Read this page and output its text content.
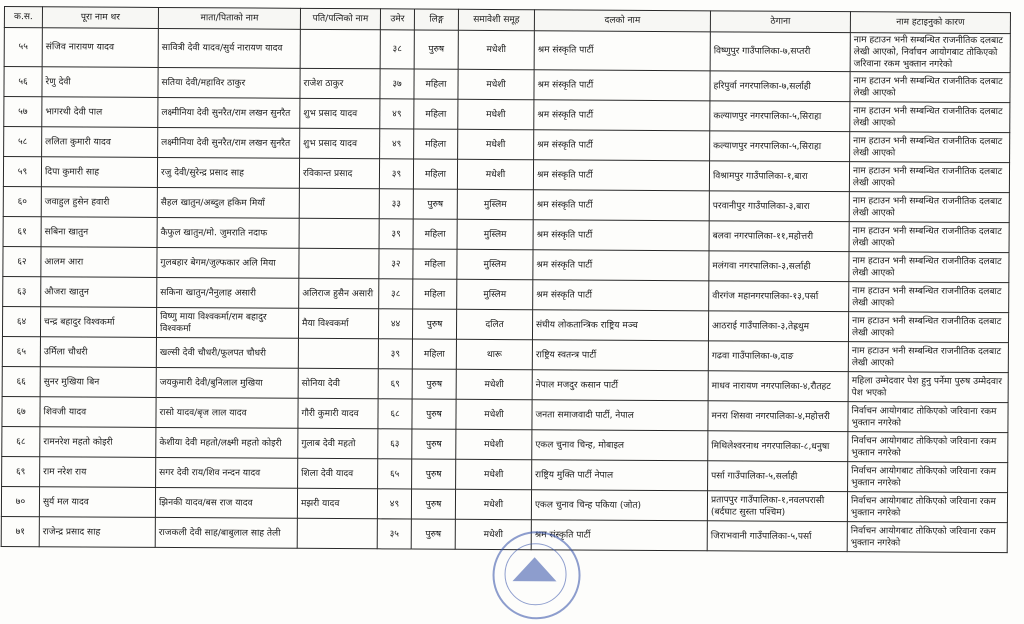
क.स.	पूरा नाम थर	माता/पिताको नाम	पति/पत्निको नाम	उमेर	लिङ्ग	समावेशी समूह	दलको नाम	ठेगाना	नाम हटाइनुको कारण
५५	संजिव नारायण यादव	सावित्री देवी यादव/सुर्य नारायण यादव		३८	पुरुष	मधेशी	श्रम संस्कृति पार्टी	विष्णुपुर गाउँपालिका-७,सप्तरी	नाम हटाउन भनी सम्बन्धित राजनीतिक दलबाट लेखी आएको, निर्वाचन आयोगबाट तोकिएको जरिवाना रकम भुक्तान नगरेको
५६	रेणु देवी	सतिया देवी/महाविर ठाकुर	राजेश ठाकुर	३७	महिला	मधेशी	श्रम संस्कृति पार्टी	हरिपुर्वा नगरपालिका-७,सर्लाही	नाम हटाउन भनी सम्बन्धित राजनीतिक दलबाट लेखी आएको
५७	भागरथी देवी पाल	लक्ष्मीनिया देवी सुनरैत/राम लखन सुनरैत	शुभ प्रसाद यादव	४९	महिला	मधेशी	श्रम संस्कृति पार्टी	कल्याणपुर नगरपालिका-५,सिराहा	नाम हटाउन भनी सम्बन्धित राजनीतिक दलबाट लेखी आएको
५८	ललिता कुमारी यादव	लक्ष्मीनिया देवी सुनरैत/राम लखन सुनरैत	शुभ प्रसाद यादव	४९	महिला	मधेशी	श्रम संस्कृति पार्टी	कल्याणपुर नगरपालिका-५,सिराहा	नाम हटाउन भनी सम्बन्धित राजनीतिक दलबाट लेखी आएको
५९	दिपा कुमारी साह	रजु देवी/सुरेन्द्र प्रसाद साह	रविकान्त प्रसाद	३९	महिला	मधेशी	श्रम संस्कृति पार्टी	विश्रामपुर गाउँपालिका-१,बारा	नाम हटाउन भनी सम्बन्धित राजनीतिक दलबाट लेखी आएको
६०	जवाहुल हुसेन हवारी	सैहल खातुन/अब्दुल हकिम मियाँ		३३	पुरुष	मुस्लिम	श्रम संस्कृति पार्टी	परवानीपुर गाउँपालिका-३,बारा	नाम हटाउन भनी सम्बन्धित राजनीतिक दलबाट लेखी आएको
६१	सबिना खातुन	कैफुल खातुन/मो. जुमराति नदाफ		३९	महिला	मुस्लिम	श्रम संस्कृति पार्टी	बलवा नगरपालिका-११,महोत्तरी	नाम हटाउन भनी सम्बन्धित राजनीतिक दलबाट लेखी आएको
६२	आलम आरा	गुलबहार बेगम/जुल्फकार अलि मिया		३२	महिला	मुस्लिम	श्रम संस्कृति पार्टी	मलंगवा नगरपालिका-३,सर्लाही	नाम हटाउन भनी सम्बन्धित राजनीतिक दलबाट लेखी आएको
६३	औजरा खातुन	सकिना खातुन/नैनुलाह असारी	अलिराज हुसैन असारी	३८	महिला	मुस्लिम	श्रम संस्कृति पार्टी	वीरगंज महानगरपालिका-१३,पर्सा	नाम हटाउन भनी सम्बन्धित राजनीतिक दलबाट लेखी आएको
६४	चन्द्र बहादुर विश्वकर्मा	विष्णु माया विश्वकर्मा/राम बहादुर विश्वकर्मा	मैया विश्वकर्मा	४४	पुरुष	दलित	संघीय लोकतान्त्रिक राष्ट्रिय मञ्च	आठराई गाउँपालिका-३,तेह्रथुम	नाम हटाउन भनी सम्बन्धित राजनीतिक दलबाट लेखी आएको
६५	उर्मिला चौधरी	खल्सी देवी चौधरी/फूलपत चौधरी		३९	महिला	थारू	राष्ट्रिय स्वतन्त्र पार्टी	गढवा गाउँपालिका-७,दाङ	नाम हटाउन भनी सम्बन्धित राजनीतिक दलबाट लेखी आएको
६६	सुनर मुखिया बिन	जयकुमारी देवी/बुनिलाल मुखिया	सोनिया देवी	६९	पुरुष	मधेशी	नेपाल मजदुर कसान पार्टी	माधव नारायण नगरपालिका-४,रौतहट	महिला उम्मेदवार पेश हुनु पर्नेमा पुरुष उम्मेदवार पेश भएको
६७	शिवजी यादव	रासो यादव/बृज लाल यादव	गौरी कुमारी यादव	६८	पुरुष	मधेशी	जनता समाजवादी पार्टी, नेपाल	मनरा शिसवा नगरपालिका-४,महोत्तरी	निर्वाचन आयोगबाट तोकिएको जरिवाना रकम भुक्तान नगरेको
६८	रामनरेश महतो कोइरी	केशीया देवी महतो/लक्ष्मी महतो कोइरी	गुलाब देवी महतो	६३	पुरुष	मधेशी	एकल चुनाव चिन्ह, मोबाइल	मिथिलेश्वरनाथ नगरपालिका-८,धनुषा	निर्वाचन आयोगबाट तोकिएको जरिवाना रकम भुक्तान नगरेको
६९	राम नरेश राय	सगर देवी राय/शिव नन्दन यादव	शिला देवी यादव	६५	पुरुष	मधेशी	राष्ट्रिय मुक्ति पार्टी नेपाल	पर्सा गाउँपालिका-५,सर्लाही	निर्वाचन आयोगबाट तोकिएको जरिवाना रकम भुक्तान नगरेको
७०	सुर्य मल यादव	झिनकी यादव/बस राज यादव	मझरी यादव	४९	पुरुष	मधेशी	एकल चुनाव चिन्ह पकिया (जोत)	प्रतापपुर गाउँपालिका-१,नवलपरासी (बर्दघाट सुस्ता पश्चिम)	निर्वाचन आयोगबाट तोकिएको जरिवाना रकम भुक्तान नगरेको
७१	राजेन्द्र प्रसाद साह	राजकली देवी साह/बाबुलाल साह तेली		३५	पुरुष	मधेशी	श्रम संस्कृति पार्टी	जिराभवानी गाउँपालिका-५,पर्सा	निर्वाचन आयोगबाट तोकिएको जरिवाना रकम भुक्तान नगरेको
